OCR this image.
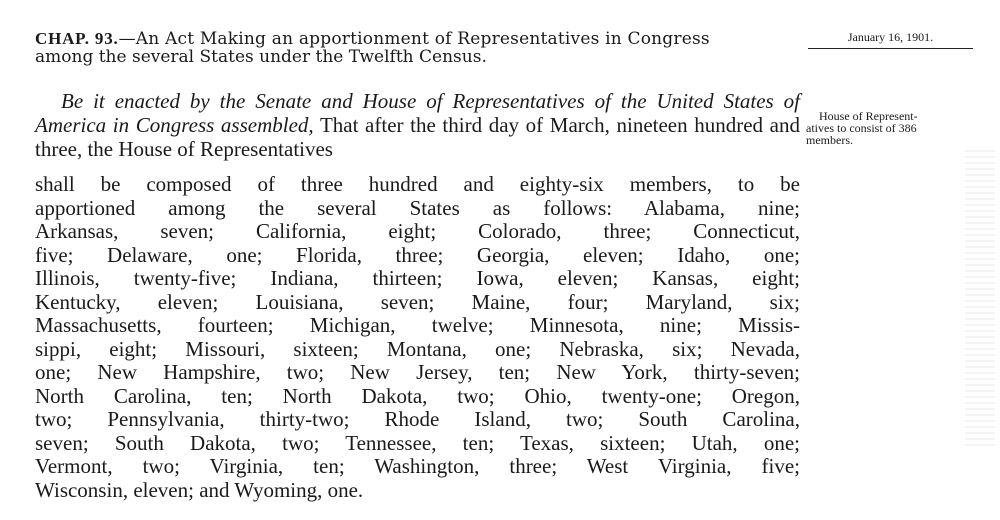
CHAP. 93.—An Act Making an apportionment of Representatives in Congress
among the several States under the Twelfth Census.
January 16, 1901.
Be it enacted by the Senate and House of Representatives of the United States of America in Congress assembled, That after the third day of March, nineteen hundred and three, the House of Representatives
House of Represent-
atives to consist of 386
members.
shall be composed of three hundred and eighty-six members, to be
apportioned among the several States as follows: Alabama, nine;
Arkansas, seven; California, eight; Colorado, three; Connecticut,
five; Delaware, one; Florida, three; Georgia, eleven; Idaho, one;
Illinois, twenty-five; Indiana, thirteen; Iowa, eleven; Kansas, eight;
Kentucky, eleven; Louisiana, seven; Maine, four; Maryland, six;
Massachusetts, fourteen; Michigan, twelve; Minnesota, nine; Missis-
sippi, eight; Missouri, sixteen; Montana, one; Nebraska, six; Nevada,
one; New Hampshire, two; New Jersey, ten; New York, thirty-seven;
North Carolina, ten; North Dakota, two; Ohio, twenty-one; Oregon,
two; Pennsylvania, thirty-two; Rhode Island, two; South Carolina,
seven; South Dakota, two; Tennessee, ten; Texas, sixteen; Utah, one;
Vermont, two; Virginia, ten; Washington, three; West Virginia, five;
Wisconsin, eleven; and Wyoming, one.
